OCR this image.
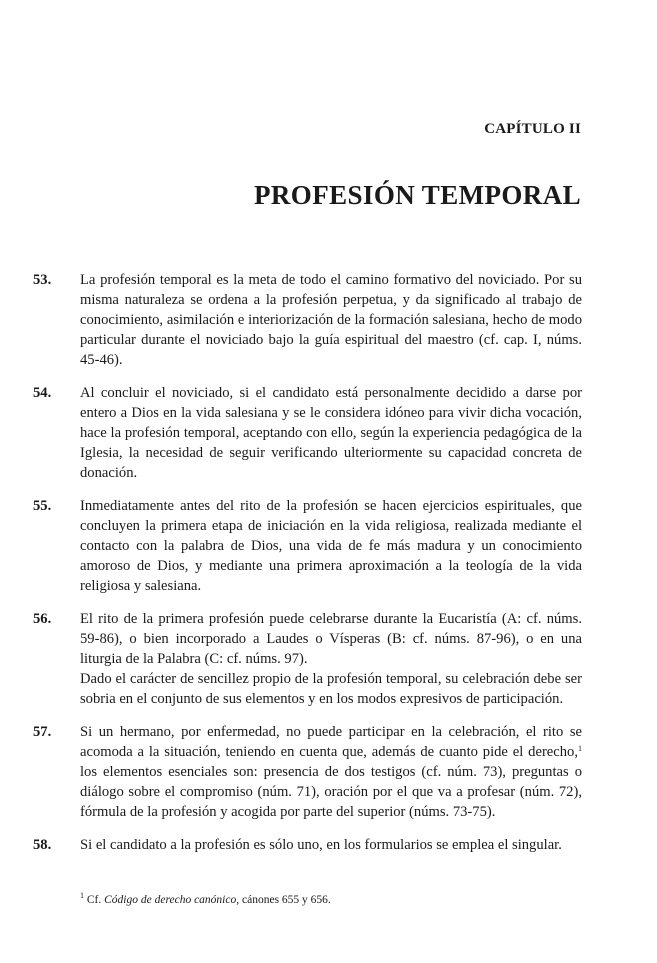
CAPÍTULO II
PROFESIÓN TEMPORAL
53.	La profesión temporal es la meta de todo el camino formativo del noviciado. Por su misma naturaleza se ordena a la profesión perpetua, y da significado al trabajo de conocimiento, asimilación e interiorización de la formación salesiana, hecho de modo particular durante el noviciado bajo la guía espiritual del maestro (cf. cap. I, núms. 45-46).

54.	Al concluir el noviciado, si el candidato está personalmente decidido a darse por entero a Dios en la vida salesiana y se le considera idóneo para vivir dicha vocación, hace la profesión temporal, aceptando con ello, según la experiencia pedagógica de la Iglesia, la necesidad de seguir verificando ulteriormente su capacidad concreta de donación.

55.	Inmediatamente antes del rito de la profesión se hacen ejercicios espirituales, que concluyen la primera etapa de iniciación en la vida religiosa, realizada mediante el contacto con la palabra de Dios, una vida de fe más madura y un conocimiento amoroso de Dios, y mediante una primera aproximación a la teología de la vida religiosa y salesiana.

56.	El rito de la primera profesión puede celebrarse durante la Eucaristía (A: cf. núms. 59-86), o bien incorporado a Laudes o Vísperas (B: cf. núms. 87-96), o en una liturgia de la Palabra (C: cf. núms. 97).

Dado el carácter de sencillez propio de la profesión temporal, su celebración debe ser sobria en el conjunto de sus elementos y en los modos expresivos de participación.

57.	Si un hermano, por enfermedad, no puede participar en la celebración, el rito se acomoda a la situación, teniendo en cuenta que, además de cuanto pide el derecho,$^1$ los elementos esenciales son: presencia de dos testigos (cf. núm. 73), preguntas o diálogo sobre el compromiso (núm. 71), oración por el que va a profesar (núm. 72), fórmula de la profesión y acogida por parte del superior (núms. 73-75).

58.	Si el candidato a la profesión es sólo uno, en los formularios se emplea el singular.

$^1$ Cf. Código de derecho canónico, cánones 655 y 656.
